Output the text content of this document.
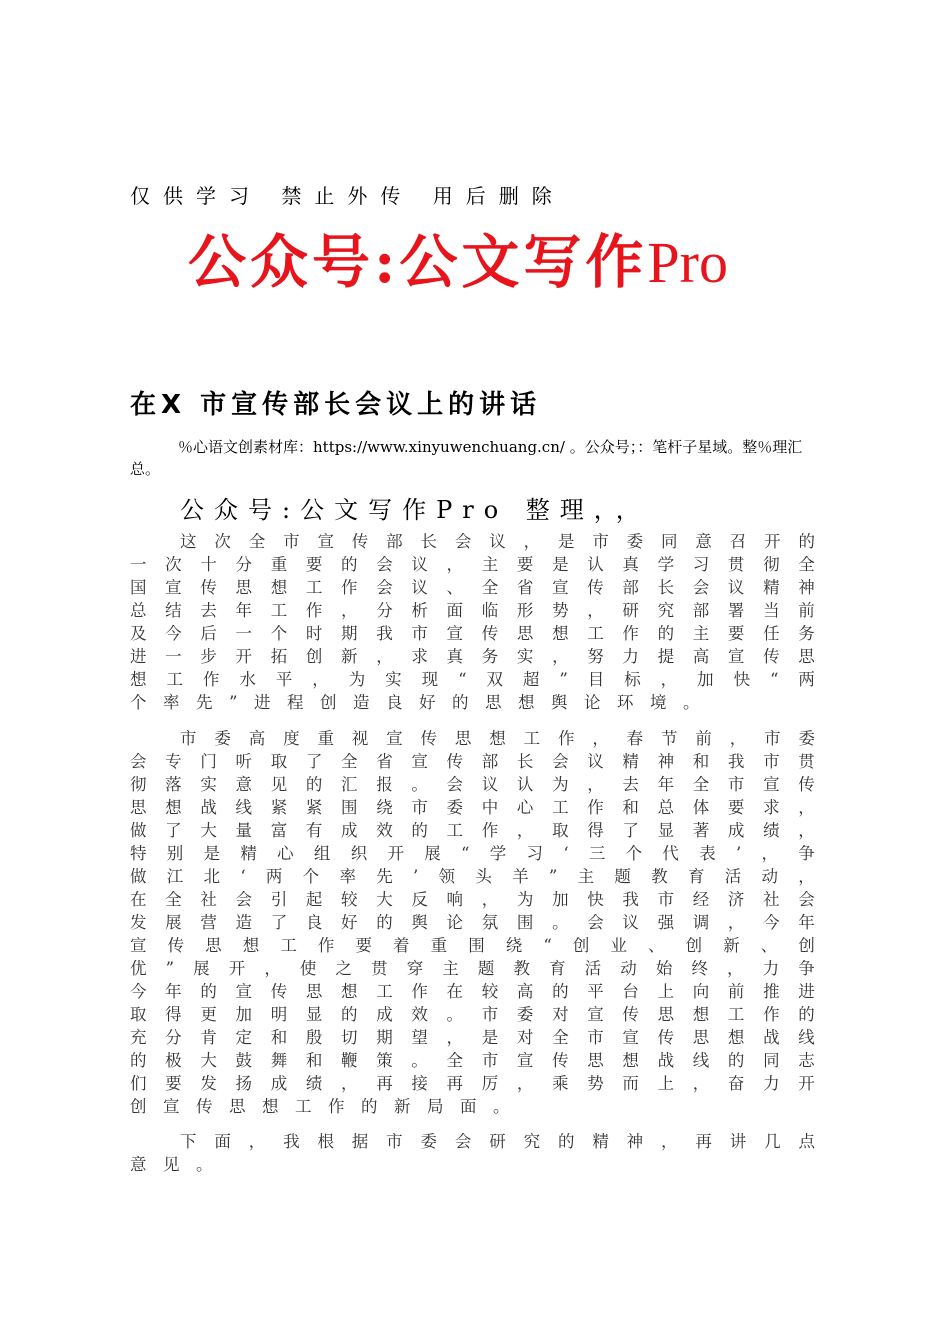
仅供学习 禁止外传 用后删除
公众号:公文写作Pro
在X 市宣传部长会议上的讲话
％心语文创素材库：https://www.xinyuwenchuang.cn/ 。公众号；：笔杆子星域。整％理汇总。
公众号:公文写作Pro 整理，，
这 次 全 市 宣 传 部 长 会 议 ， 是 市 委 同 意 召 开 的
一 次 十 分 重 要 的 会 议 ， 主 要 是 认 真 学 习 贯 彻 全
国 宣 传 思 想 工 作 会 议 、 全 省 宣 传 部 长 会 议 精 神
总 结 去 年 工 作 ， 分 析 面 临 形 势 ， 研 究 部 署 当 前
及 今 后 一 个 时 期 我 市 宣 传 思 想 工 作 的 主 要 任 务
进 一 步 开 拓 创 新 ， 求 真 务 实 ， 努 力 提 高 宣 传 思
想 工 作 水 平 ， 为 实 现 “ 双 超 ” 目 标 ， 加 快 “ 两
个 率 先 ” 进 程 创 造 良 好 的 思 想 舆 论 环 境 。
市 委 高 度 重 视 宣 传 思 想 工 作 ， 春 节 前 ， 市 委
会 专 门 听 取 了 全 省 宣 传 部 长 会 议 精 神 和 我 市 贯
彻 落 实 意 见 的 汇 报 。 会 议 认 为 ， 去 年 全 市 宣 传
思 想 战 线 紧 紧 围 绕 市 委 中 心 工 作 和 总 体 要 求 ，
做 了 大 量 富 有 成 效 的 工 作 ， 取 得 了 显 著 成 绩 ，
特 别 是 精 心 组 织 开 展 “ 学 习 ‘ 三 个 代 表 ’ ， 争
做 江 北 ‘ 两 个 率 先 ’ 领 头 羊 ” 主 题 教 育 活 动 ，
在 全 社 会 引 起 较 大 反 响 ， 为 加 快 我 市 经 济 社 会
发 展 营 造 了 良 好 的 舆 论 氛 围 。 会 议 强 调 ， 今 年
宣 传 思 想 工 作 要 着 重 围 绕 “ 创 业 、 创 新 、 创
优 ” 展 开 ， 使 之 贯 穿 主 题 教 育 活 动 始 终 ， 力 争
今 年 的 宣 传 思 想 工 作 在 较 高 的 平 台 上 向 前 推 进
取 得 更 加 明 显 的 成 效 。 市 委 对 宣 传 思 想 工 作 的
充 分 肯 定 和 殷 切 期 望 ， 是 对 全 市 宣 传 思 想 战 线
的 极 大 鼓 舞 和 鞭 策 。 全 市 宣 传 思 想 战 线 的 同 志
们 要 发 扬 成 绩 ， 再 接 再 厉 ， 乘 势 而 上 ， 奋 力 开
创 宣 传 思 想 工 作 的 新 局 面 。
下 面 ， 我 根 据 市 委 会 研 究 的 精 神 ， 再 讲 几 点
意 见 。
